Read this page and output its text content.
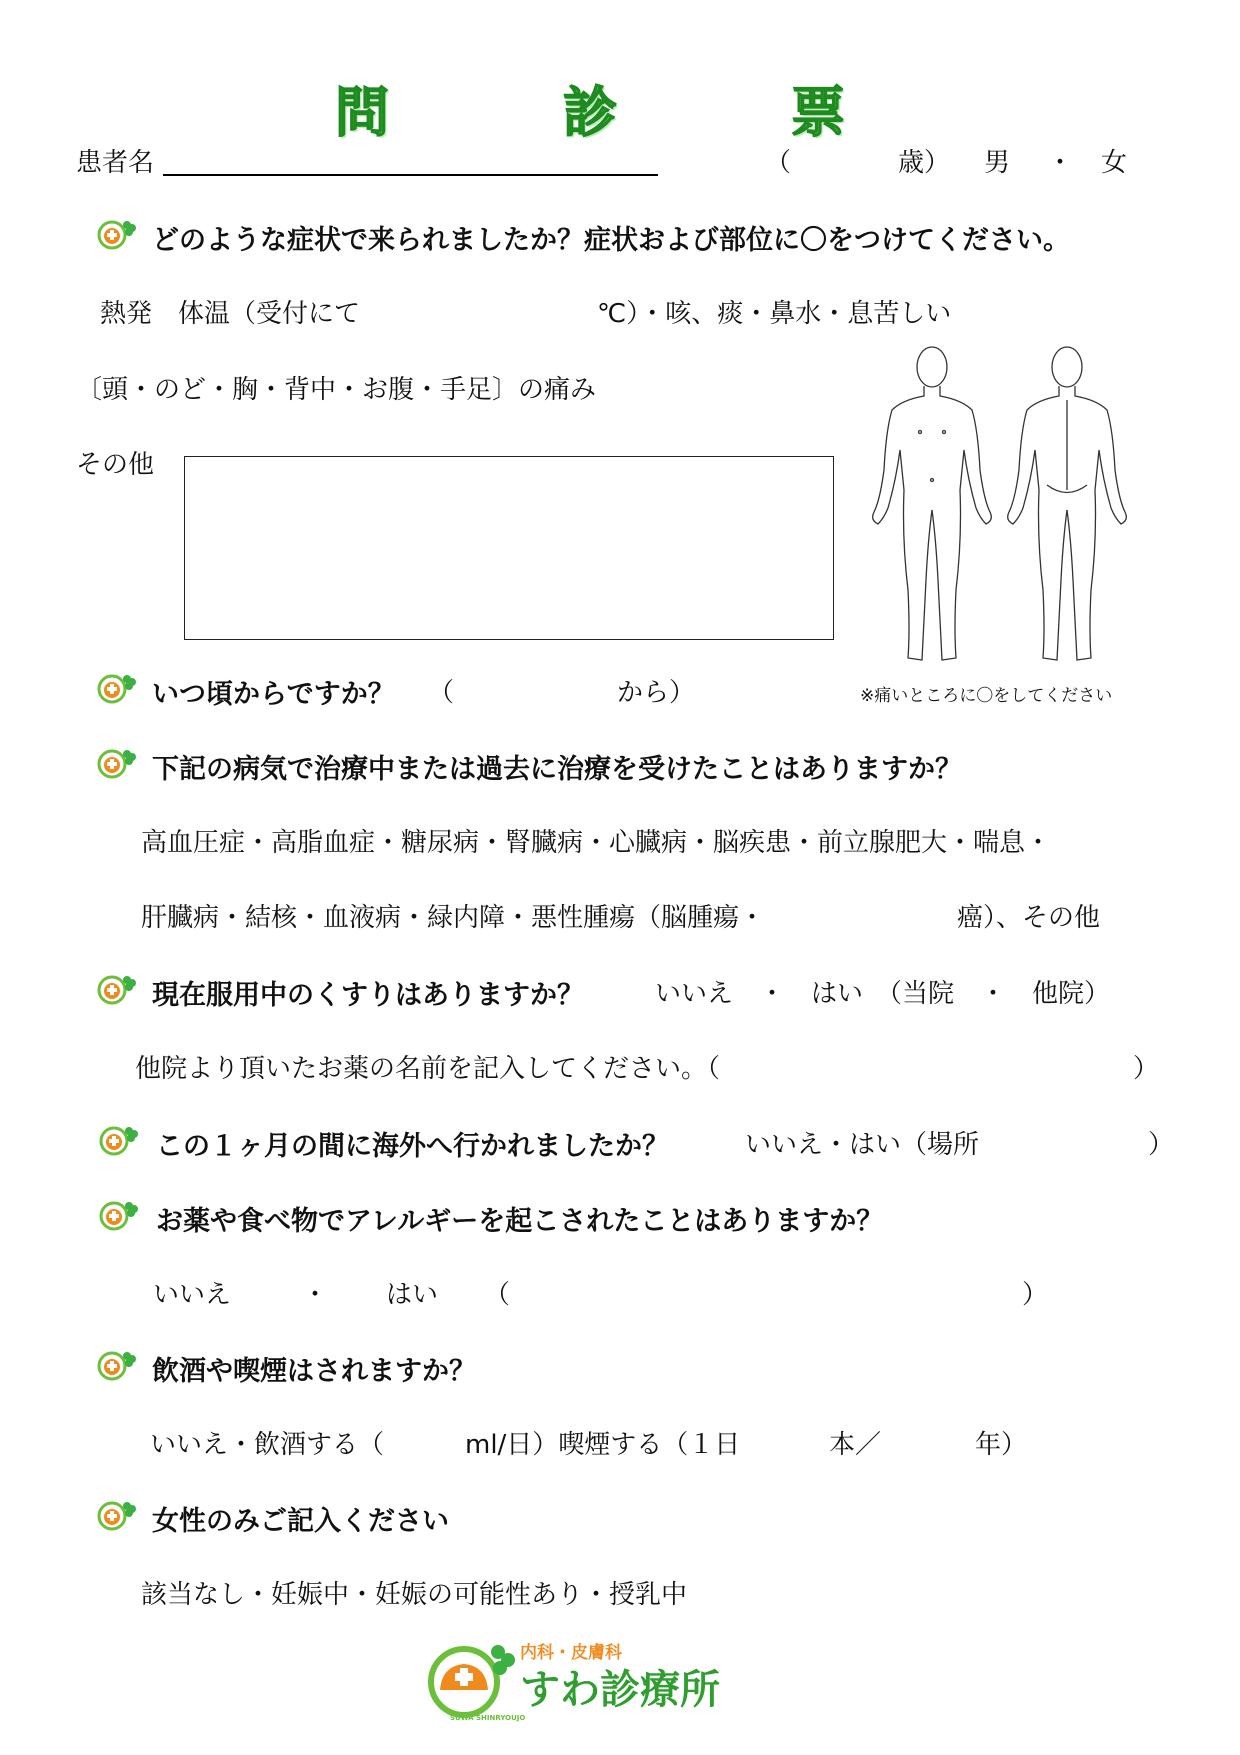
問　診　票
患者名	（	歳） 男 ・ 女
どのような症状で来られましたか？症状および部位に〇をつけてください。
熱発　体温（受付にて	℃）・咳、痰・鼻水・息苦しい
〔頭・のど・胸・背中・お腹・手足〕の痛み
その他
※痛いところに〇をしてください
いつ頃からですか？ （	から）
下記の病気で治療中または過去に治療を受けたことはありますか？
高血圧症・高脂血症・糖尿病・腎臓病・心臓病・脳疾患・前立腺肥大・喘息・
肝臓病・結核・血液病・緑内障・悪性腫瘍（脳腫瘍・	癌）、その他
現在服用中のくすりはありますか？	いいえ　・　はい　（当院　・　他院）
他院より頂いたお薬の名前を記入してください。（	）
この１ヶ月の間に海外へ行かれましたか？	いいえ・はい（場所	）
お薬や食べ物でアレルギーを起こされたことはありますか？
いいえ	・ はい （	）
飲酒や喫煙はされますか？
いいえ・飲酒する（	ml/日）喫煙する（１日	本／	年）
女性のみご記入ください
該当なし・妊娠中・妊娠の可能性あり・授乳中
SUWA SHINRYOUJO
内科・皮膚科
すわ診療所
